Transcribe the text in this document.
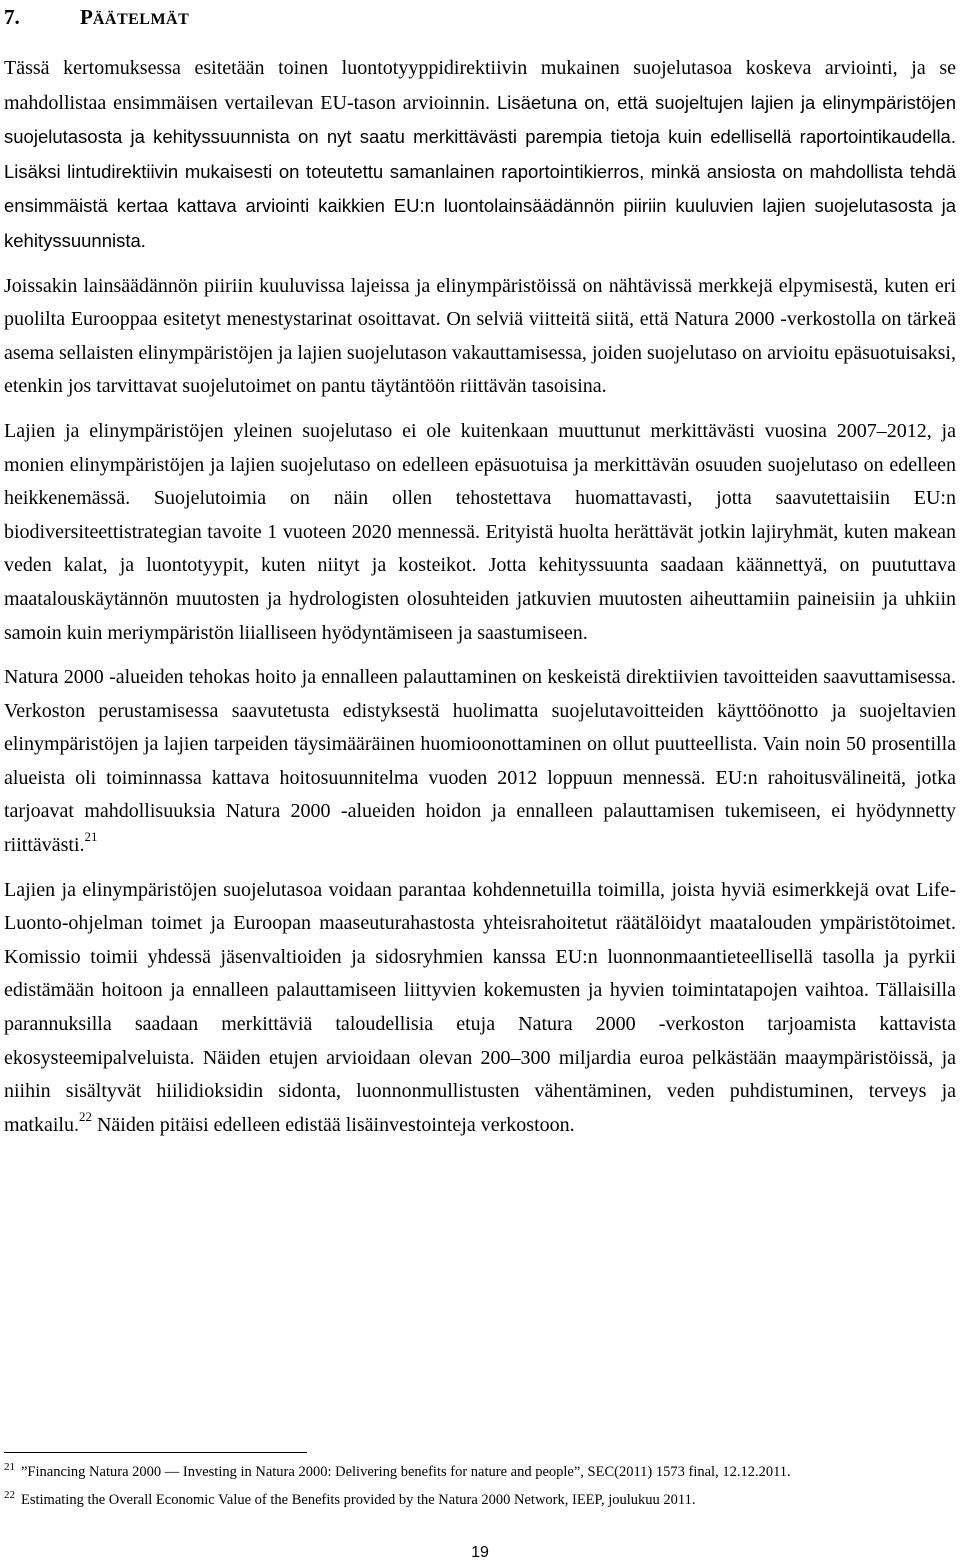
7.	PÄÄTELMÄT

Tässä kertomuksessa esitetään toinen luontotyyppidirektiivin mukainen suojelutasoa koskeva arviointi, ja se mahdollistaa ensimmäisen vertailevan EU-tason arvioinnin. Lisäetuna on, että suojeltujen lajien ja elinympäristöjen suojelutasosta ja kehityssuunnista on nyt saatu merkittävästi parempia tietoja kuin edellisellä raportointikaudella. Lisäksi lintudirektiivin mukaisesti on toteutettu samanlainen raportointikierros, minkä ansiosta on mahdollista tehdä ensimmäistä kertaa kattava arviointi kaikkien EU:n luontolainsäädännön piiriin kuuluvien lajien suojelutasosta ja kehityssuunnista.

Joissakin lainsäädännön piiriin kuuluvissa lajeissa ja elinympäristöissä on nähtävissä merkkejä elpymisestä, kuten eri puolilta Eurooppaa esitetyt menestystarinat osoittavat. On selviä viitteitä siitä, että Natura 2000 -verkostolla on tärkeä asema sellaisten elinympäristöjen ja lajien suojelutason vakauttamisessa, joiden suojelutaso on arvioitu epäsuotuisaksi, etenkin jos tarvittavat suojelutoimet on pantu täytäntöön riittävän tasoisina.

Lajien ja elinympäristöjen yleinen suojelutaso ei ole kuitenkaan muuttunut merkittävästi vuosina 2007–2012, ja monien elinympäristöjen ja lajien suojelutaso on edelleen epäsuotuisa ja merkittävän osuuden suojelutaso on edelleen heikkenemässä. Suojelutoimia on näin ollen tehostettava huomattavasti, jotta saavutettaisiin EU:n biodiversiteettistrategian tavoite 1 vuoteen 2020 mennessä. Erityistä huolta herättävät jotkin lajiryhmät, kuten makean veden kalat, ja luontotyypit, kuten niityt ja kosteikot. Jotta kehityssuunta saadaan käännettyä, on puututtava maatalouskäytännön muutosten ja hydrologisten olosuhteiden jatkuvien muutosten aiheuttamiin paineisiin ja uhkiin samoin kuin meriympäristön liialliseen hyödyntämiseen ja saastumiseen.

Natura 2000 -alueiden tehokas hoito ja ennalleen palauttaminen on keskeistä direktiivien tavoitteiden saavuttamisessa. Verkoston perustamisessa saavutetusta edistyksestä huolimatta suojelutavoitteiden käyttöönotto ja suojeltavien elinympäristöjen ja lajien tarpeiden täysimääräinen huomioonottaminen on ollut puutteellista. Vain noin 50 prosentilla alueista oli toiminnassa kattava hoitosuunnitelma vuoden 2012 loppuun mennessä. EU:n rahoitusvälineitä, jotka tarjoavat mahdollisuuksia Natura 2000 -alueiden hoidon ja ennalleen palauttamisen tukemiseen, ei hyödynnetty riittävästi.$^{21}$

Lajien ja elinympäristöjen suojelutasoa voidaan parantaa kohdennetuilla toimilla, joista hyviä esimerkkejä ovat Life-Luonto-ohjelman toimet ja Euroopan maaseuturahastosta yhteisrahoitetut räätälöidyt maatalouden ympäristötoimet. Komissio toimii yhdessä jäsenvaltioiden ja sidosryhmien kanssa EU:n luonnonmaantieteellisellä tasolla ja pyrkii edistämään hoitoon ja ennalleen palauttamiseen liittyvien kokemusten ja hyvien toimintatapojen vaihtoa. Tällaisilla parannuksilla saadaan merkittäviä taloudellisia etuja Natura 2000 -verkoston tarjoamista kattavista ekosysteemipalveluista. Näiden etujen arvioidaan olevan 200–300 miljardia euroa pelkästään maaympäristöissä, ja niihin sisältyvät hiilidioksidin sidonta, luonnonmullistusten vähentäminen, veden puhdistuminen, terveys ja matkailu.$^{22}$ Näiden pitäisi edelleen edistää lisäinvestointeja verkostoon.

$^{21}$ ”Financing Natura 2000 — Investing in Natura 2000: Delivering benefits for nature and people”, SEC(2011) 1573 final, 12.12.2011.

$^{22}$ Estimating the Overall Economic Value of the Benefits provided by the Natura 2000 Network, IEEP, joulukuu 2011.

19
